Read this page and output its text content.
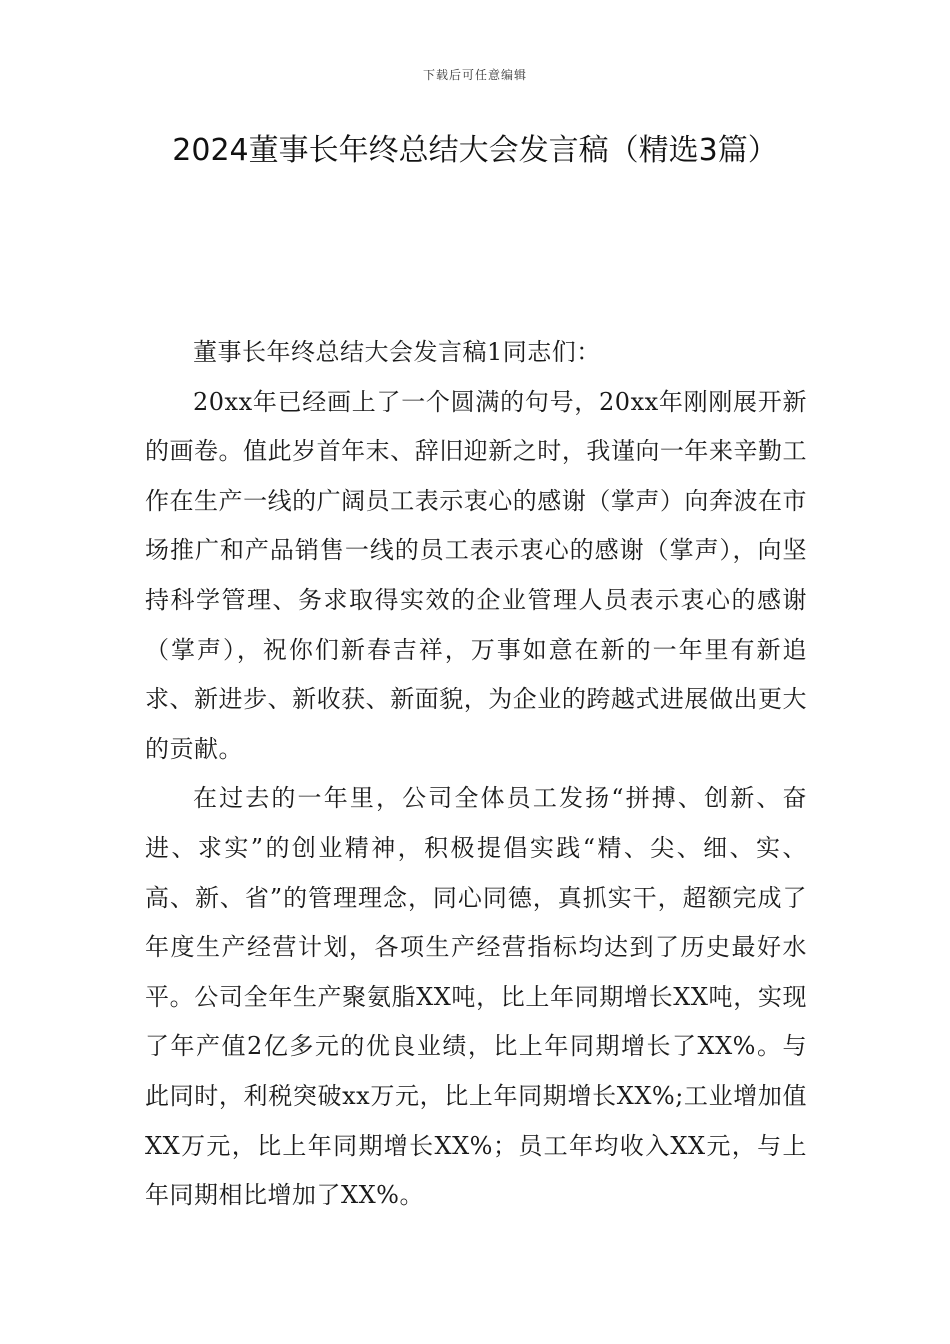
下载后可任意编辑
2024董事长年终总结大会发言稿（精选3篇）

董事长年终总结大会发言稿1同志们：

20xx年已经画上了一个圆满的句号，20xx年刚刚展开新的画卷。值此岁首年末、辞旧迎新之时，我谨向一年来辛勤工作在生产一线的广阔员工表示衷心的感谢（掌声）向奔波在市场推广和产品销售一线的员工表示衷心的感谢（掌声），向坚持科学管理、务求取得实效的企业管理人员表示衷心的感谢（掌声），祝你们新春吉祥，万事如意在新的一年里有新追求、新进步、新收获、新面貌，为企业的跨越式进展做出更大的贡献。

在过去的一年里，公司全体员工发扬“拼搏、创新、奋进、求实”的创业精神，积极提倡实践“精、尖、细、实、高、新、省”的管理理念，同心同德，真抓实干，超额完成了年度生产经营计划，各项生产经营指标均达到了历史最好水平。公司全年生产聚氨脂XX吨，比上年同期增长XX吨，实现了年产值2亿多元的优良业绩，比上年同期增长了XX%。与此同时，利税突破xx万元，比上年同期增长XX%;工业增加值XX万元，比上年同期增长XX%；员工年均收入XX元，与上年同期相比增加了XX%。
